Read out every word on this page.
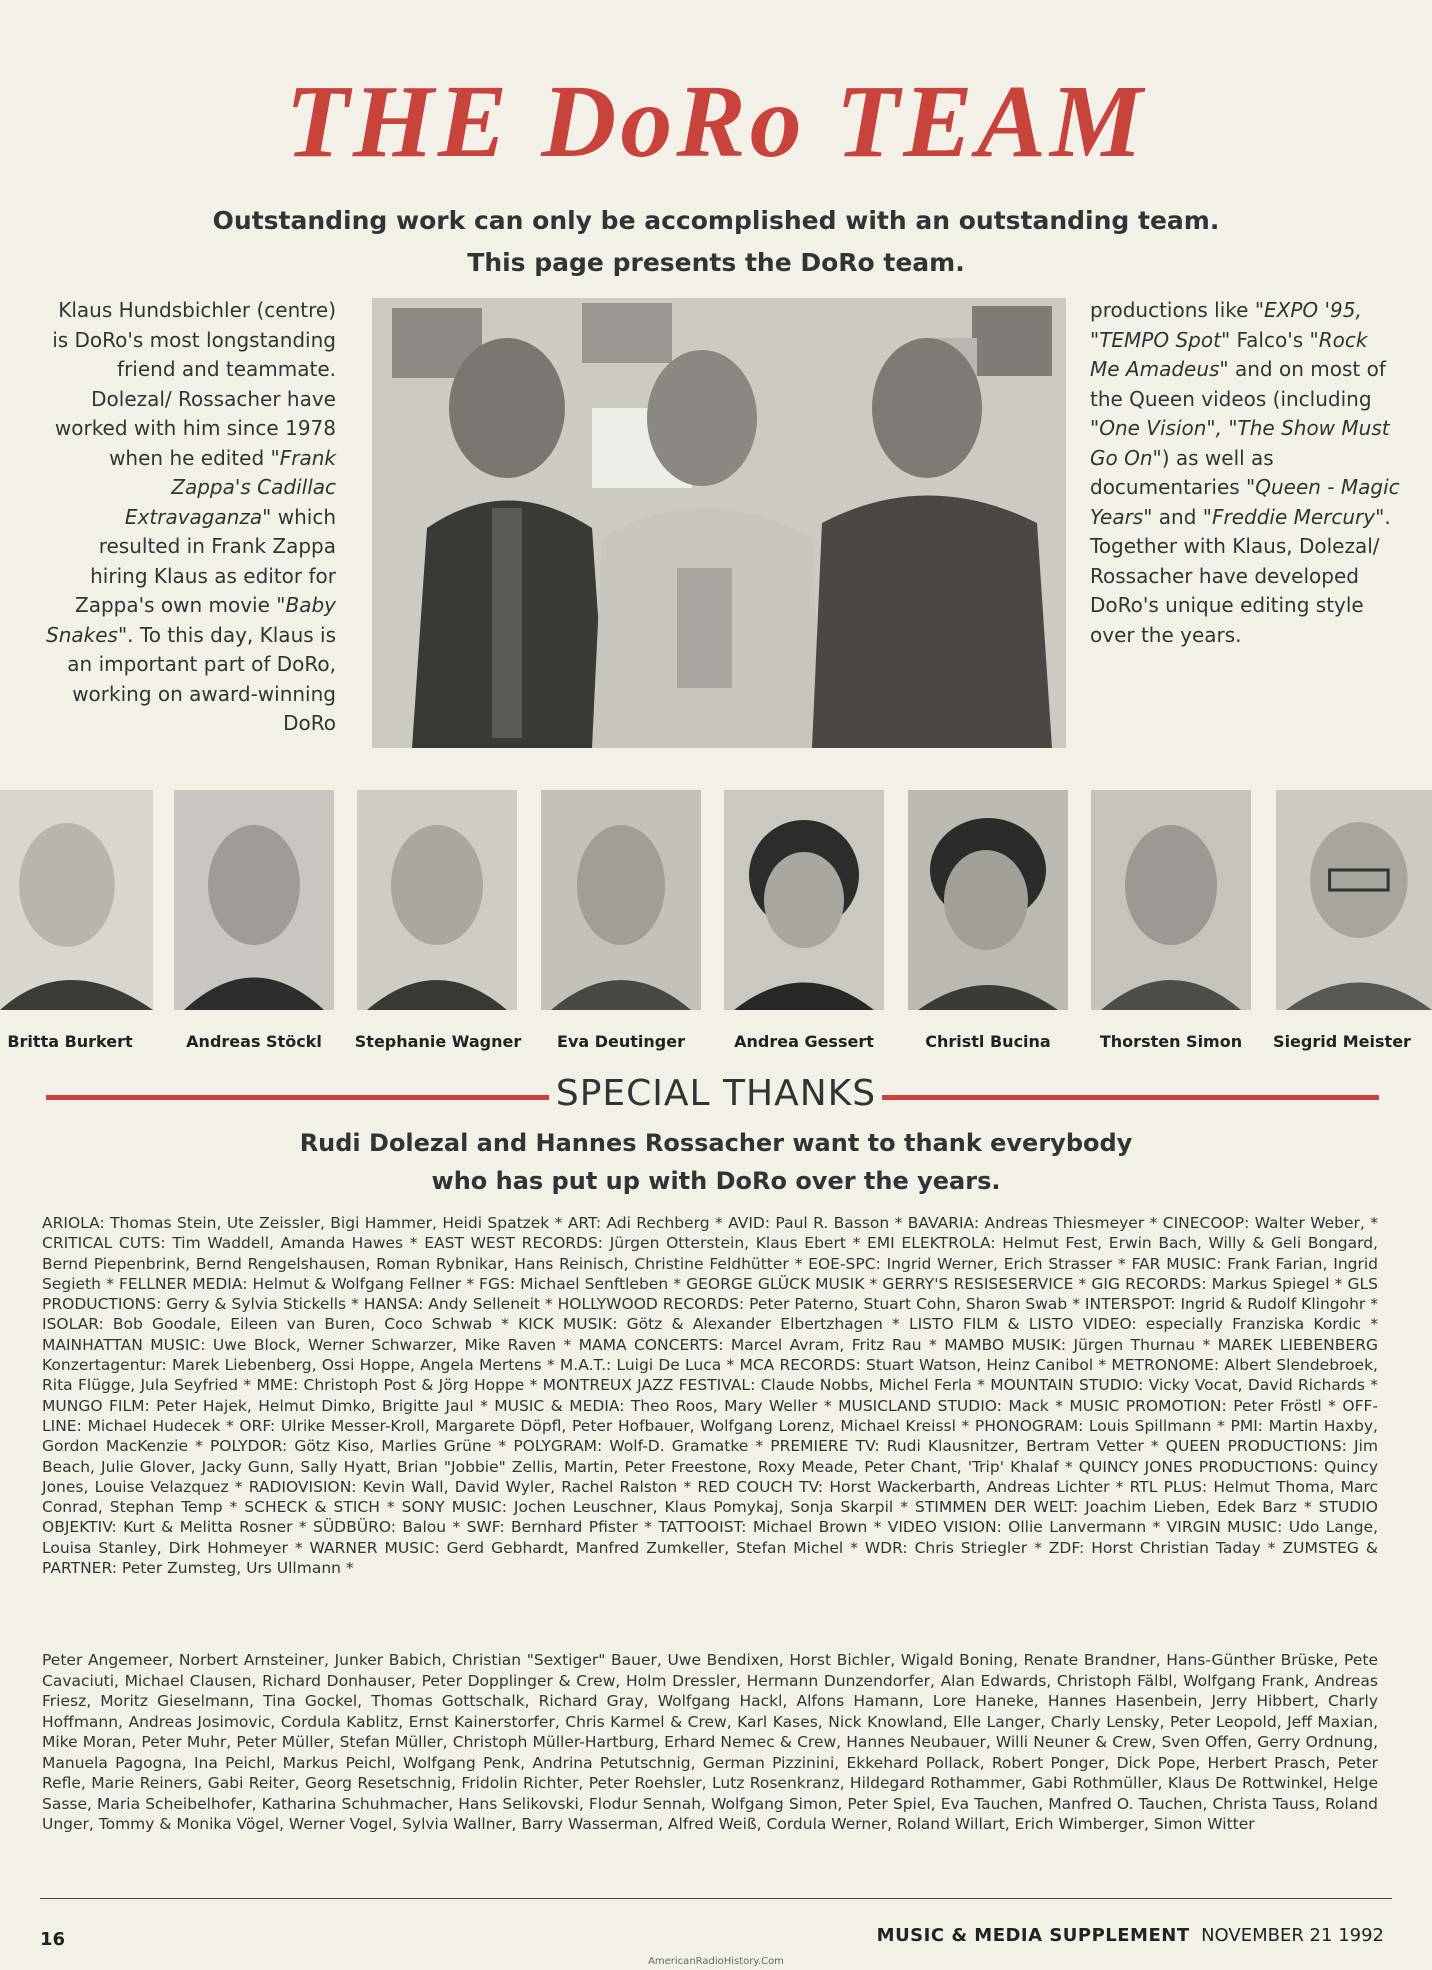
THE DoRo TEAM
Outstanding work can only be accomplished with an outstanding team.
This page presents the DoRo team.
Klaus Hundsbichler (centre) is DoRo's most longstanding friend and teammate. Dolezal/ Rossacher have worked with him since 1978 when he edited "Frank Zappa's Cadillac Extravaganza" which resulted in Frank Zappa hiring Klaus as editor for Zappa's own movie "Baby Snakes". To this day, Klaus is an important part of DoRo, working on award-winning DoRo
productions like "EXPO '95, "TEMPO Spot" Falco's "Rock Me Amadeus" and on most of the Queen videos (including "One Vision", "The Show Must Go On") as well as documentaries "Queen - Magic Years" and "Freddie Mercury". Together with Klaus, Dolezal/ Rossacher have developed DoRo's unique editing style over the years.
Britta Burkert	Andreas Stöckl	Stephanie Wagner	Eva Deutinger	Andrea Gessert	Christl Bucina	Thorsten Simon	Siegrid Meister
SPECIAL THANKS
Rudi Dolezal and Hannes Rossacher want to thank everybody
who has put up with DoRo over the years.
ARIOLA: Thomas Stein, Ute Zeissler, Bigi Hammer, Heidi Spatzek * ART: Adi Rechberg * AVID: Paul R. Basson * BAVARIA: Andreas Thiesmeyer * CINECOOP: Walter Weber, * CRITICAL CUTS: Tim Waddell, Amanda Hawes * EAST WEST RECORDS: Jürgen Otterstein, Klaus Ebert * EMI ELEKTROLA: Helmut Fest, Erwin Bach, Willy & Geli Bongard, Bernd Piepenbrink, Bernd Rengelshausen, Roman Rybnikar, Hans Reinisch, Christine Feldhütter * EOE-SPC: Ingrid Werner, Erich Strasser * FAR MUSIC: Frank Farian, Ingrid Segieth * FELLNER MEDIA: Helmut & Wolfgang Fellner * FGS: Michael Senftleben * GEORGE GLÜCK MUSIK * GERRY'S RESISESERVICE * GIG RECORDS: Markus Spiegel * GLS PRODUCTIONS: Gerry & Sylvia Stickells * HANSA: Andy Selleneit * HOLLYWOOD RECORDS: Peter Paterno, Stuart Cohn, Sharon Swab * INTERSPOT: Ingrid & Rudolf Klingohr * ISOLAR: Bob Goodale, Eileen van Buren, Coco Schwab * KICK MUSIK: Götz & Alexander Elbertzhagen * LISTO FILM & LISTO VIDEO: especially Franziska Kordic * MAINHATTAN MUSIC: Uwe Block, Werner Schwarzer, Mike Raven * MAMA CONCERTS: Marcel Avram, Fritz Rau * MAMBO MUSIK: Jürgen Thurnau * MAREK LIEBENBERG Konzertagentur: Marek Liebenberg, Ossi Hoppe, Angela Mertens * M.A.T.: Luigi De Luca * MCA RECORDS: Stuart Watson, Heinz Canibol * METRONOME: Albert Slendebroek, Rita Flügge, Jula Seyfried * MME: Christoph Post & Jörg Hoppe * MONTREUX JAZZ FESTIVAL: Claude Nobbs, Michel Ferla * MOUNTAIN STUDIO: Vicky Vocat, David Richards * MUNGO FILM: Peter Hajek, Helmut Dimko, Brigitte Jaul * MUSIC & MEDIA: Theo Roos, Mary Weller * MUSICLAND STUDIO: Mack * MUSIC PROMOTION: Peter Fröstl * OFF-LINE: Michael Hudecek * ORF: Ulrike Messer-Kroll, Margarete Döpfl, Peter Hofbauer, Wolfgang Lorenz, Michael Kreissl * PHONOGRAM: Louis Spillmann * PMI: Martin Haxby, Gordon MacKenzie * POLYDOR: Götz Kiso, Marlies Grüne * POLYGRAM: Wolf-D. Gramatke * PREMIERE TV: Rudi Klausnitzer, Bertram Vetter * QUEEN PRODUCTIONS: Jim Beach, Julie Glover, Jacky Gunn, Sally Hyatt, Brian "Jobbie" Zellis, Martin, Peter Freestone, Roxy Meade, Peter Chant, 'Trip' Khalaf * QUINCY JONES PRODUCTIONS: Quincy Jones, Louise Velazquez * RADIOVISION: Kevin Wall, David Wyler, Rachel Ralston * RED COUCH TV: Horst Wackerbarth, Andreas Lichter * RTL PLUS: Helmut Thoma, Marc Conrad, Stephan Temp * SCHECK & STICH * SONY MUSIC: Jochen Leuschner, Klaus Pomykaj, Sonja Skarpil * STIMMEN DER WELT: Joachim Lieben, Edek Barz * STUDIO OBJEKTIV: Kurt & Melitta Rosner * SÜDBÜRO: Balou * SWF: Bernhard Pfister * TATTOOIST: Michael Brown * VIDEO VISION: Ollie Lanvermann * VIRGIN MUSIC: Udo Lange, Louisa Stanley, Dirk Hohmeyer * WARNER MUSIC: Gerd Gebhardt, Manfred Zumkeller, Stefan Michel * WDR: Chris Striegler * ZDF: Horst Christian Taday * ZUMSTEG & PARTNER: Peter Zumsteg, Urs Ullmann *
Peter Angemeer, Norbert Arnsteiner, Junker Babich, Christian "Sextiger" Bauer, Uwe Bendixen, Horst Bichler, Wigald Boning, Renate Brandner, Hans-Günther Brüske, Pete Cavaciuti, Michael Clausen, Richard Donhauser, Peter Dopplinger & Crew, Holm Dressler, Hermann Dunzendorfer, Alan Edwards, Christoph Fälbl, Wolfgang Frank, Andreas Friesz, Moritz Gieselmann, Tina Gockel, Thomas Gottschalk, Richard Gray, Wolfgang Hackl, Alfons Hamann, Lore Haneke, Hannes Hasenbein, Jerry Hibbert, Charly Hoffmann, Andreas Josimovic, Cordula Kablitz, Ernst Kainerstorfer, Chris Karmel & Crew, Karl Kases, Nick Knowland, Elle Langer, Charly Lensky, Peter Leopold, Jeff Maxian, Mike Moran, Peter Muhr, Peter Müller, Stefan Müller, Christoph Müller-Hartburg, Erhard Nemec & Crew, Hannes Neubauer, Willi Neuner & Crew, Sven Offen, Gerry Ordnung, Manuela Pagogna, Ina Peichl, Markus Peichl, Wolfgang Penk, Andrina Petutschnig, German Pizzinini, Ekkehard Pollack, Robert Ponger, Dick Pope, Herbert Prasch, Peter Refle, Marie Reiners, Gabi Reiter, Georg Resetschnig, Fridolin Richter, Peter Roehsler, Lutz Rosenkranz, Hildegard Rothammer, Gabi Rothmüller, Klaus De Rottwinkel, Helge Sasse, Maria Scheibelhofer, Katharina Schuhmacher, Hans Selikovski, Flodur Sennah, Wolfgang Simon, Peter Spiel, Eva Tauchen, Manfred O. Tauchen, Christa Tauss, Roland Unger, Tommy & Monika Vögel, Werner Vogel, Sylvia Wallner, Barry Wasserman, Alfred Weiß, Cordula Werner, Roland Willart, Erich Wimberger, Simon Witter
16	MUSIC & MEDIA SUPPLEMENT NOVEMBER 21 1992
AmericanRadioHistory.Com
